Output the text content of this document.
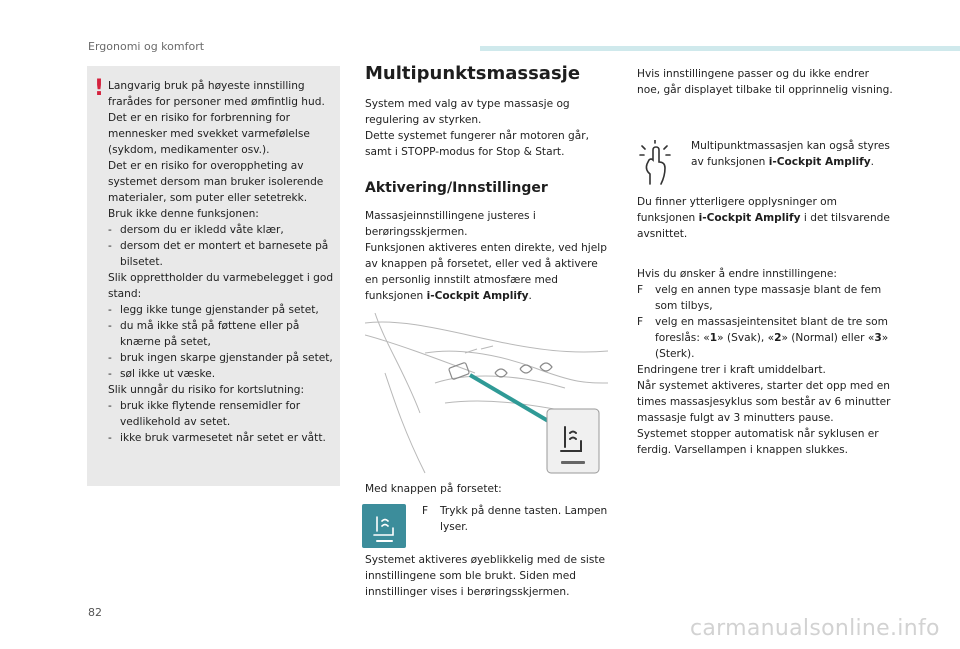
Ergonomi og komfort
! Langvarig bruk på høyeste innstilling frarådes for personer med ømfintlig hud.

Det er en risiko for forbrenning for mennesker med svekket varmefølelse (sykdom, medikamenter osv.).

Det er en risiko for overoppheting av systemet dersom man bruker isolerende materialer, som puter eller setetrekk.

Bruk ikke denne funksjonen:

- dersom du er ikledd våte klær,

- dersom det er montert et barnesete på bilsetet.

Slik opprettholder du varmebelegget i god stand:

- legg ikke tunge gjenstander på setet,

- du må ikke stå på føttene eller på knærne på setet,

- bruk ingen skarpe gjenstander på setet,

- søl ikke ut væske.

Slik unngår du risiko for kortslutning:

- bruk ikke flytende rensemidler for vedlikehold av setet.

- ikke bruk varmesetet når setet er vått.

Multipunktsmassasje

System med valg av type massasje og regulering av styrken.

Dette systemet fungerer når motoren går, samt i STOPP-modus for Stop & Start.

Aktivering/Innstillinger

Massasjeinnstillingene justeres i berøringsskjermen.

Funksjonen aktiveres enten direkte, ved hjelp av knappen på forsetet, eller ved å aktivere en personlig innstilt atmosfære med funksjonen i-Cockpit Amplify.

Med knappen på forsetet:

F Trykk på denne tasten. Lampen lyser.

Systemet aktiveres øyeblikkelig med de siste innstillingene som ble brukt. Siden med innstillinger vises i berøringsskjermen.
Hvis innstillingene passer og du ikke endrer noe, går displayet tilbake til opprinnelig visning.

Multipunktmassasjen kan også styres av funksjonen i-Cockpit Amplify.

Du finner ytterligere opplysninger om funksjonen i-Cockpit Amplify i det tilsvarende avsnittet.

Hvis du ønsker å endre innstillingene:

F velg en annen type massasje blant de fem som tilbys,

F velg en massasjeintensitet blant de tre som foreslås: «1» (Svak), «2» (Normal) eller «3» (Sterk).

Endringene trer i kraft umiddelbart.

Når systemet aktiveres, starter det opp med en times massasjesyklus som består av 6 minutter massasje fulgt av 3 minutters pause.

Systemet stopper automatisk når syklusen er ferdig. Varsellampen i knappen slukkes.

82
carmanualsonline.info
